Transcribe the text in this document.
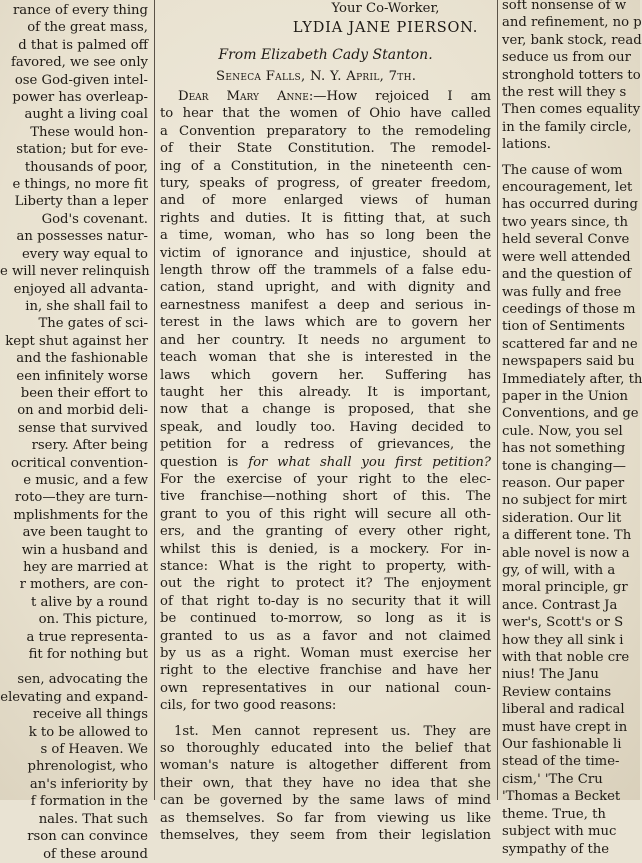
rance of every thing
of the great mass,
d that is palmed off
favored, we see only
ose God-given intel-
power has overleap-
aught a living coal
These would hon-
station; but for eve-
thousands of poor,
e things, no more fit
Liberty than a leper
God's covenant.
an possesses natur-
every way equal to
e will never relinquish
enjoyed all advanta-
in, she shall fail to
The gates of sci-
kept shut against her
and the fashionable
een infinitely worse
been their effort to
on and morbid deli-
sense that survived
rsery. After being
ocritical convention-
e music, and a few
roto—they are turn-
mplishments for the
ave been taught to
win a husband and
hey are married at
r mothers, are con-
t alive by a round
on. This picture,
a true representa-
fit for nothing but
sen, advocating the
elevating and expand-
receive all things
k to be allowed to
s of Heaven. We
phrenologist, who
an's inferiority by
f formation in the
nales. That such
rson can convince
of these around
Your Co-Worker,
LYDIA JANE PIERSON.
From Elizabeth Cady Stanton.
Seneca Falls, N. Y. April, 7th.
Dear Mary Anne:—How rejoiced I am
to hear that the women of Ohio have called
a Convention preparatory to the remodeling
of their State Constitution. The remodel-
ing of a Constitution, in the nineteenth cen-
tury, speaks of progress, of greater freedom,
and of more enlarged views of human
rights and duties. It is fitting that, at such
a time, woman, who has so long been the
victim of ignorance and injustice, should at
length throw off the trammels of a false edu-
cation, stand upright, and with dignity and
earnestness manifest a deep and serious in-
terest in the laws which are to govern her
and her country. It needs no argument to
teach woman that she is interested in the
laws which govern her. Suffering has
taught her this already. It is important,
now that a change is proposed, that she
speak, and loudly too. Having decided to
petition for a redress of grievances, the
question is for what shall you first petition?
For the exercise of your right to the elec-
tive franchise—nothing short of this. The
grant to you of this right will secure all oth-
ers, and the granting of every other right,
whilst this is denied, is a mockery. For in-
stance: What is the right to property, with-
out the right to protect it? The enjoyment
of that right to-day is no security that it will
be continued to-morrow, so long as it is
granted to us as a favor and not claimed
by us as a right. Woman must exercise her
right to the elective franchise and have her
own representatives in our national coun-
cils, for two good reasons:
1st. Men cannot represent us. They are
so thoroughly educated into the belief that
woman's nature is altogether different from
their own, that they have no idea that she
can be governed by the same laws of mind
as themselves. So far from viewing us like
themselves, they seem from their legislation
soft nonsense of w
and refinement, no p
ver, bank stock, read
seduce us from our
stronghold totters to
the rest will they s
Then comes equality
in the family circle,
lations.
The cause of wom
encouragement, let
has occurred during
two years since, th
held several Conve
were well attended
and the question of
was fully and free
ceedings of those m
tion of Sentiments
scattered far and ne
newspapers said bu
Immediately after, th
paper in the Union
Conventions, and ge
cule. Now, you sel
has not something
tone is changing—
reason. Our paper
no subject for mirt
sideration. Our lit
a different tone. Th
able novel is now a
gy, of will, with a
moral principle, gr
ance. Contrast Ja
wer's, Scott's or S
how they all sink i
with that noble cre
nius! The Janu
Review contains
liberal and radical
must have crept in
Our fashionable li
stead of the time-
cism,' 'The Cru
'Thomas a Becket
theme. True, th
subject with muc
sympathy of the
